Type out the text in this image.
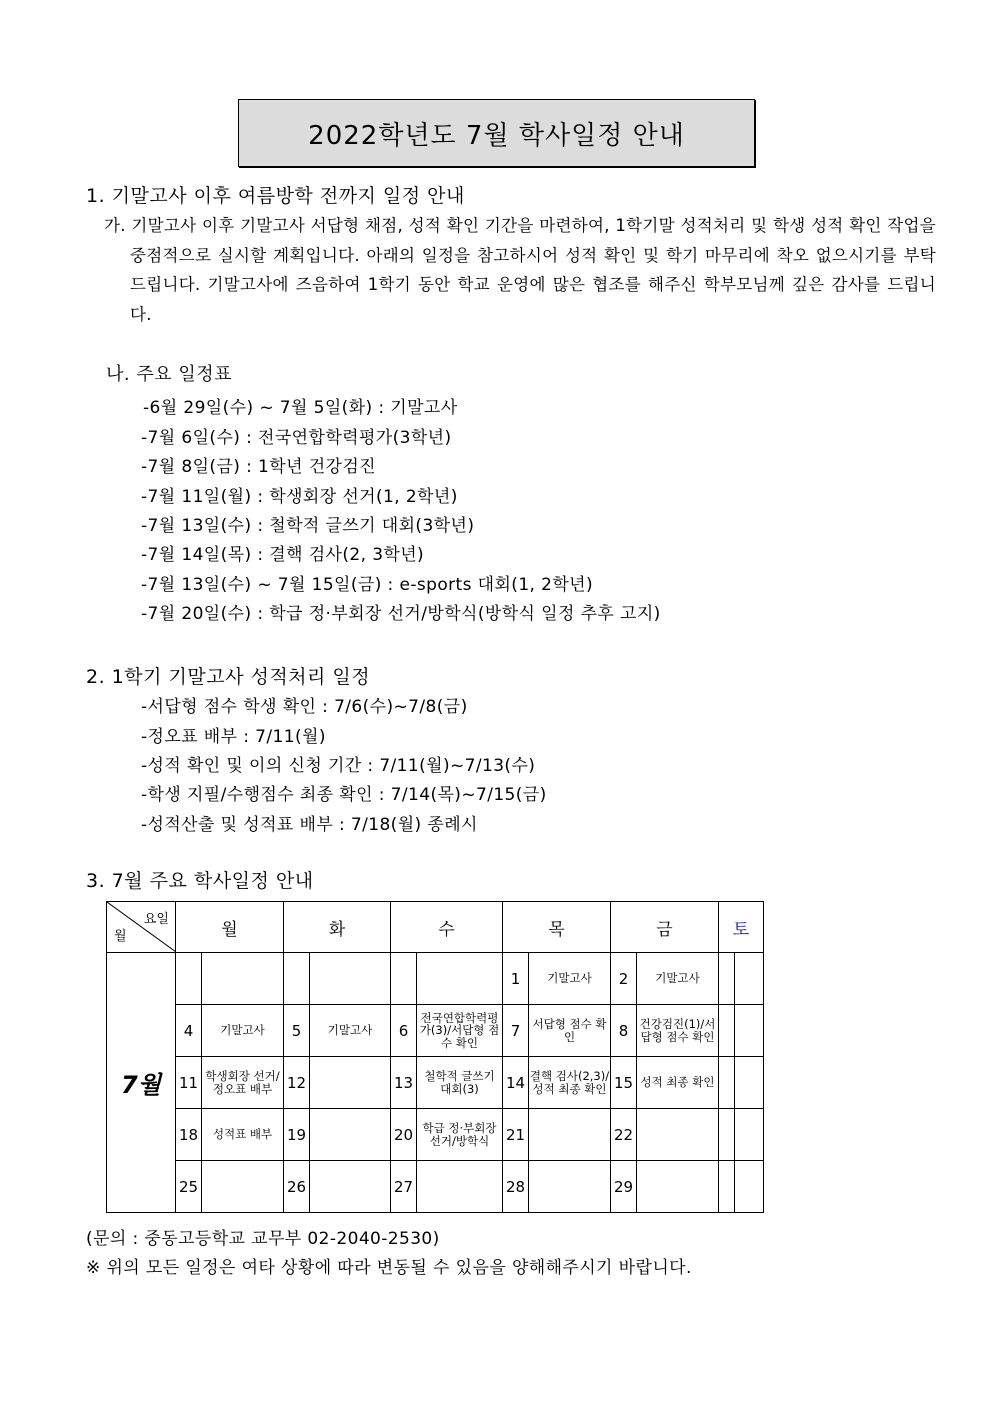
2022학년도 7월 학사일정 안내
1. 기말고사 이후 여름방학 전까지 일정 안내
가. 기말고사 이후 기말고사 서답형 채점, 성적 확인 기간을 마련하여, 1학기말 성적처리 및 학생 성적 확인 작업을 중점적으로 실시할 계획입니다. 아래의 일정을 참고하시어 성적 확인 및 학기 마무리에 착오 없으시기를 부탁드립니다. 기말고사에 즈음하여 1학기 동안 학교 운영에 많은 협조를 해주신 학부모님께 깊은 감사를 드립니다.
나. 주요 일정표
-6월 29일(수) ~ 7월 5일(화) : 기말고사
-7월 6일(수) : 전국연합학력평가(3학년)
-7월 8일(금) : 1학년 건강검진
-7월 11일(월) : 학생회장 선거(1, 2학년)
-7월 13일(수) : 철학적 글쓰기 대회(3학년)
-7월 14일(목) : 결핵 검사(2, 3학년)
-7월 13일(수) ~ 7월 15일(금) : e-sports 대회(1, 2학년)
-7월 20일(수) : 학급 정·부회장 선거/방학식(방학식 일정 추후 고지)
2. 1학기 기말고사 성적처리 일정
-서답형 점수 학생 확인 : 7/6(수)~7/8(금)
-정오표 배부 : 7/11(월)
-성적 확인 및 이의 신청 기간 : 7/11(월)~7/13(수)
-학생 지필/수행점수 최종 확인 : 7/14(목)~7/15(금)
-성적산출 및 성적표 배부 : 7/18(월) 종례시
3. 7월 주요 학사일정 안내
요일
월	월		화		수		목		금		토	
7월							1	기말고사	2	기말고사		
	4	기말고사	5	기말고사	6	전국연합학력평가(3)/서답형 점수 확인	7	서답형 점수 확인	8	건강검진(1)/서답형 점수 확인		
	11	학생회장 선거/정오표 배부	12		13	철학적 글쓰기 대회(3)	14	결핵 검사(2,3)/성적 최종 확인	15	성적 최종 확인		
	18	성적표 배부	19		20	학급 정·부회장 선거/방학식	21		22			
	25		26		27		28		29			
(문의 : 중동고등학교 교무부 02-2040-2530)
※ 위의 모든 일정은 여타 상황에 따라 변동될 수 있음을 양해해주시기 바랍니다.
